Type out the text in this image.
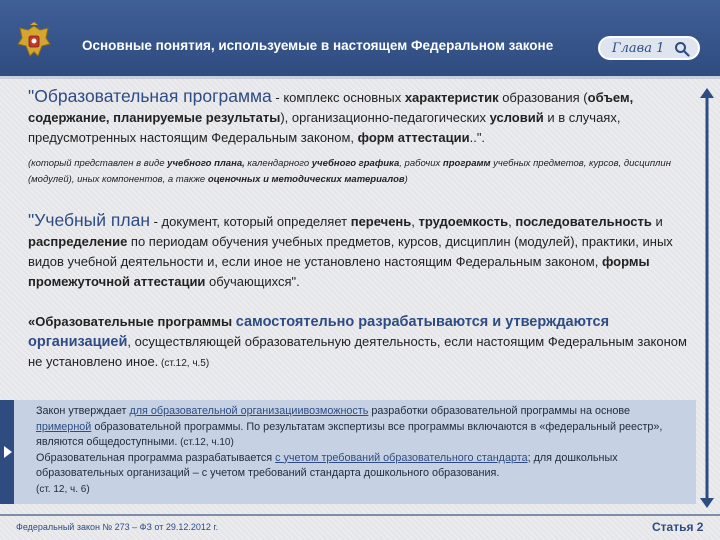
Основные понятия, используемые в настоящем Федеральном законе	Глава 1

"Образовательная программа - комплекс основных характеристик образования (объем, содержание, планируемые результаты), организационно-педагогических условий и в случаях, предусмотренных настоящим Федеральным законом, форм аттестации..".

(который представлен в виде учебного плана, календарного учебного графика, рабочих программ учебных предметов, курсов, дисциплин (модулей), иных компонентов, а также оценочных и методических материалов)

"Учебный план - документ, который определяет перечень, трудоемкость, последовательность и распределение по периодам обучения учебных предметов, курсов, дисциплин (модулей), практики, иных видов учебной деятельности и, если иное не установлено настоящим Федеральным законом, формы промежуточной аттестации обучающихся".

«Образовательные программы самостоятельно разрабатываются и утверждаются организацией, осуществляющей образовательную деятельность, если настоящим Федеральным законом не установлено иное. (ст.12, ч.5)

Закон утверждает для образовательной организациивозможность разработки образовательной программы на основе примерной образовательной программы. По результатам экспертизы все программы включаются в «федеральный реестр», являются общедоступными. (ст.12, ч.10)
Образовательная программа разрабатывается с учетом требований образовательного стандарта; для дошкольных образовательных организаций – с учетом требований стандарта дошкольного образования.
(ст. 12, ч. 6)

Федеральный закон № 273 – ФЗ от 29.12.2012 г.	Статья 2
